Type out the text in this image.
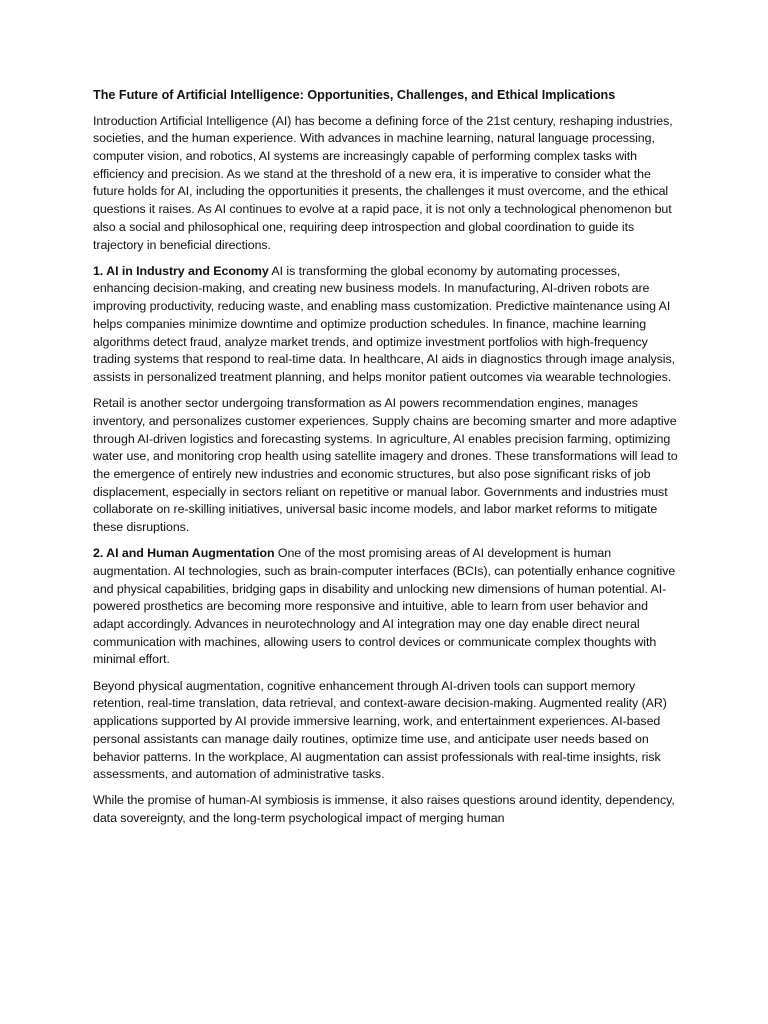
The Future of Artificial Intelligence: Opportunities, Challenges, and Ethical Implications

Introduction Artificial Intelligence (AI) has become a defining force of the 21st century, reshaping industries, societies, and the human experience. With advances in machine learning, natural language processing, computer vision, and robotics, AI systems are increasingly capable of performing complex tasks with efficiency and precision. As we stand at the threshold of a new era, it is imperative to consider what the future holds for AI, including the opportunities it presents, the challenges it must overcome, and the ethical questions it raises. As AI continues to evolve at a rapid pace, it is not only a technological phenomenon but also a social and philosophical one, requiring deep introspection and global coordination to guide its trajectory in beneficial directions.

1. AI in Industry and Economy AI is transforming the global economy by automating processes, enhancing decision-making, and creating new business models. In manufacturing, AI-driven robots are improving productivity, reducing waste, and enabling mass customization. Predictive maintenance using AI helps companies minimize downtime and optimize production schedules. In finance, machine learning algorithms detect fraud, analyze market trends, and optimize investment portfolios with high-frequency trading systems that respond to real-time data. In healthcare, AI aids in diagnostics through image analysis, assists in personalized treatment planning, and helps monitor patient outcomes via wearable technologies.

Retail is another sector undergoing transformation as AI powers recommendation engines, manages inventory, and personalizes customer experiences. Supply chains are becoming smarter and more adaptive through AI-driven logistics and forecasting systems. In agriculture, AI enables precision farming, optimizing water use, and monitoring crop health using satellite imagery and drones. These transformations will lead to the emergence of entirely new industries and economic structures, but also pose significant risks of job displacement, especially in sectors reliant on repetitive or manual labor. Governments and industries must collaborate on re-skilling initiatives, universal basic income models, and labor market reforms to mitigate these disruptions.

2. AI and Human Augmentation One of the most promising areas of AI development is human augmentation. AI technologies, such as brain-computer interfaces (BCIs), can potentially enhance cognitive and physical capabilities, bridging gaps in disability and unlocking new dimensions of human potential. AI-powered prosthetics are becoming more responsive and intuitive, able to learn from user behavior and adapt accordingly. Advances in neurotechnology and AI integration may one day enable direct neural communication with machines, allowing users to control devices or communicate complex thoughts with minimal effort.

Beyond physical augmentation, cognitive enhancement through AI-driven tools can support memory retention, real-time translation, data retrieval, and context-aware decision-making. Augmented reality (AR) applications supported by AI provide immersive learning, work, and entertainment experiences. AI-based personal assistants can manage daily routines, optimize time use, and anticipate user needs based on behavior patterns. In the workplace, AI augmentation can assist professionals with real-time insights, risk assessments, and automation of administrative tasks.

While the promise of human-AI symbiosis is immense, it also raises questions around identity, dependency, data sovereignty, and the long-term psychological impact of merging human
